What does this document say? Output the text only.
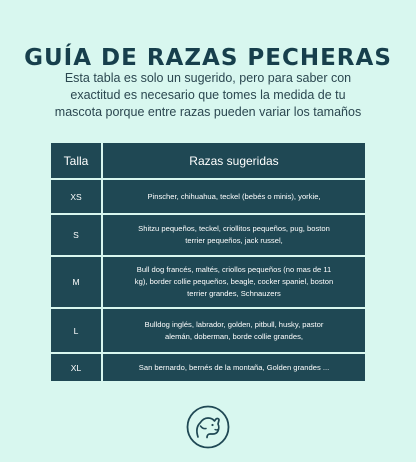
GUÍA DE RAZAS PECHERAS
Esta tabla es solo un sugerido, pero para saber con
exactitud es necesario que tomes la medida de tu
mascota porque entre razas pueden variar los tamaños
Talla	Razas sugeridas
XS	Pinscher, chihuahua, teckel (bebés o minis), yorkie,

S	Shitzu pequeños, teckel, criollitos pequeños, pug, boston
terrier pequeños, jack russel,

M	Bull dog francés, maltés, criollos pequeños (no mas de 11
kg), border collie pequeños, beagle, cocker spaniel, boston
terrier grandes, Schnauzers

L	Bulldog inglés, labrador, golden, pitbull, husky, pastor
alemán, doberman, borde collie grandes,

XL	San bernardo, bernés de la montaña, Golden grandes ...
